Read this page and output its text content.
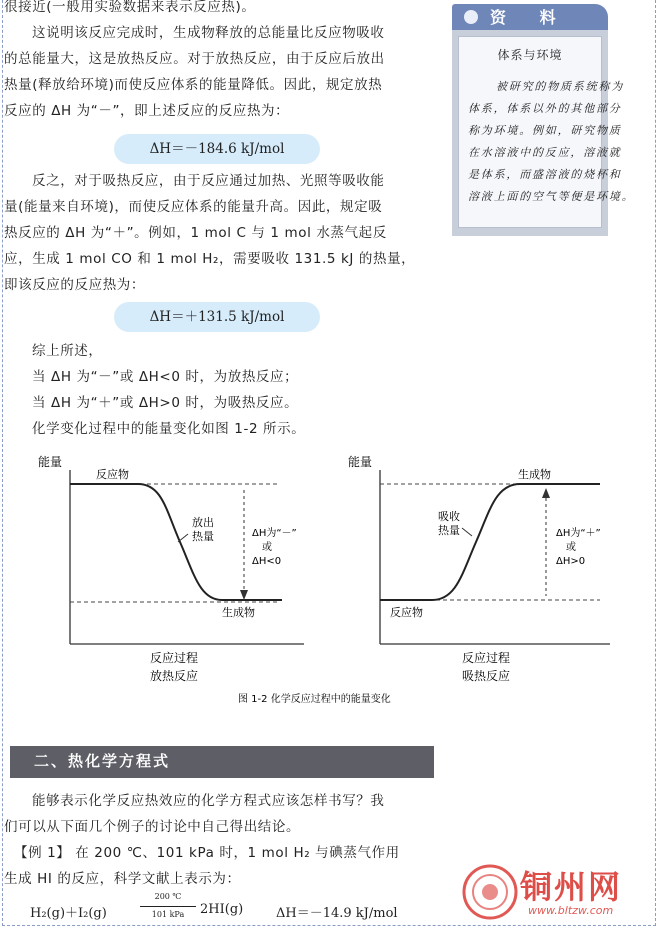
很接近(一般用实验数据来表示反应热)。
这说明该反应完成时，生成物释放的总能量比反应物吸收
的总能量大，这是放热反应。对于放热反应，由于反应后放出
热量(释放给环境)而使反应体系的能量降低。因此，规定放热
反应的 ΔH 为“－”，即上述反应的反应热为：
ΔH＝－184.6 kJ/mol
反之，对于吸热反应，由于反应通过加热、光照等吸收能
量(能量来自环境)，而使反应体系的能量升高。因此，规定吸
热反应的 ΔH 为“＋”。例如，1 mol C 与 1 mol 水蒸气起反
应，生成 1 mol CO 和 1 mol H₂，需要吸收 131.5 kJ 的热量，
即该反应的反应热为：
ΔH＝＋131.5 kJ/mol
综上所述，
当 ΔH 为“－”或 ΔH<0 时，为放热反应；
当 ΔH 为“＋”或 ΔH>0 时，为吸热反应。
化学变化过程中的能量变化如图 1-2 所示。
资 料
体系与环境
被研究的物质系统称为
体系，体系以外的其他部分
称为环境。例如，研究物质
在水溶液中的反应，溶液就
是体系，而盛溶液的烧杯和
溶液上面的空气等便是环境。
能量
反应物
生成物
放出
热量	ΔH为“－”
或
ΔH<0
反应过程
放热反应
能量
生成物
反应物
吸收
热量	ΔH为“＋”
或
ΔH>0
反应过程
吸热反应
图 1-2 化学反应过程中的能量变化
二、热化学方程式
能够表示化学反应热效应的化学方程式应该怎样书写？我
们可以从下面几个例子的讨论中自己得出结论。
【例 1】 在 200 ℃、101 kPa 时，1 mol H₂ 与碘蒸气作用
生成 HI 的反应，科学文献上表示为：
H₂(g)＋I₂(g)
200 ℃
101 kPa	2HI(g)	ΔH＝－14.9 kJ/mol
铜州网
www.bltzw.com
